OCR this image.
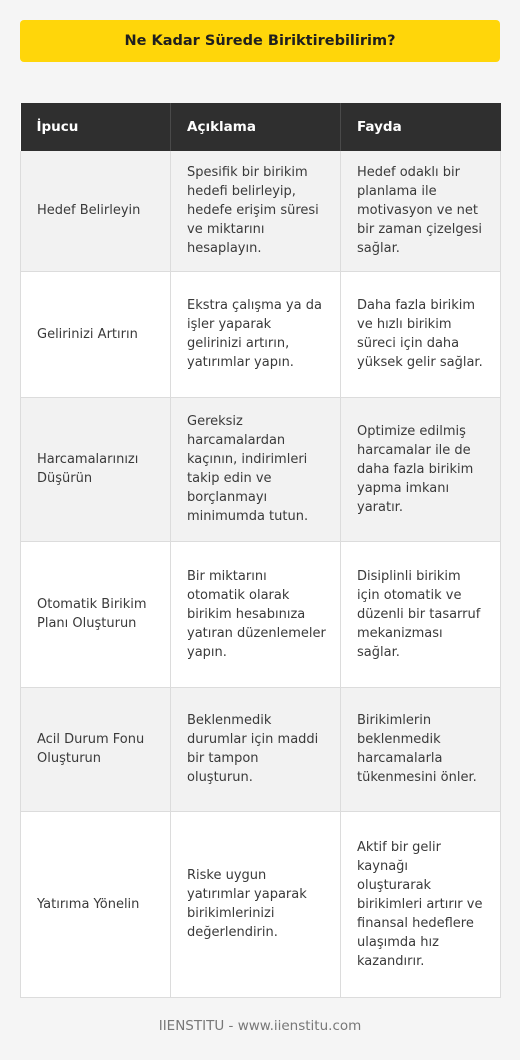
Ne Kadar Sürede Biriktirebilirim?
İpucu	Açıklama	Fayda
Hedef Belirleyin	Spesifik bir birikim hedefi belirleyip, hedefe erişim süresi ve miktarını hesaplayın.	Hedef odaklı bir planlama ile motivasyon ve net bir zaman çizelgesi sağlar.
Gelirinizi Artırın	Ekstra çalışma ya da işler yaparak gelirinizi artırın, yatırımlar yapın.	Daha fazla birikim ve hızlı birikim süreci için daha yüksek gelir sağlar.
Harcamalarınızı Düşürün	Gereksiz harcamalardan kaçının, indirimleri takip edin ve borçlanmayı minimumda tutun.	Optimize edilmiş harcamalar ile de daha fazla birikim yapma imkanı yaratır.
Otomatik Birikim Planı Oluşturun	Bir miktarını otomatik olarak birikim hesabınıza yatıran düzenlemeler yapın.	Disiplinli birikim için otomatik ve düzenli bir tasarruf mekanizması sağlar.
Acil Durum Fonu Oluşturun	Beklenmedik durumlar için maddi bir tampon oluşturun.	Birikimlerin beklenmedik harcamalarla tükenmesini önler.
Yatırıma Yönelin	Riske uygun yatırımlar yaparak birikimlerinizi değerlendirin.	Aktif bir gelir kaynağı oluşturarak birikimleri artırır ve finansal hedeflere ulaşımda hız kazandırır.
IIENSTITU - www.iienstitu.com
